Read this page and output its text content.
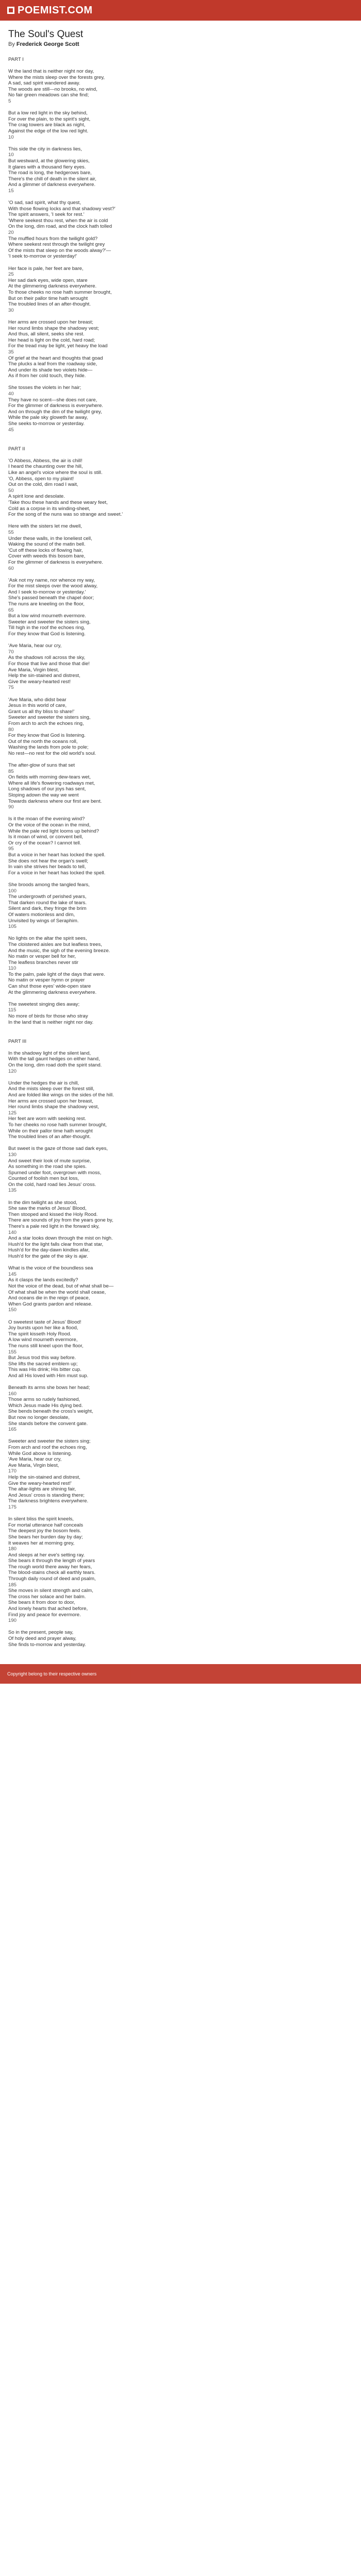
POEMIST.COM
The Soul's Quest
By Frederick George Scott
PART I
W the land that is neither night nor day,
Where the mists sleep over the forests grey,
A sad, sad spirit wandered away.
The woods are still—no brooks, no wind,
No fair green meadows can she find;
5
But a low red light in the sky behind,
For over the plain, to the spirit's sight,
The crag towers are black as night,
Against the edge of the low red light.
10
This side the city in darkness lies,
10
But westward, at the glowering skies,
It glares with a thousand fiery eyes.
The road is long, the hedgerows bare,
There's the chill of death in the silent air,
And a glimmer of darkness everywhere.
15
'O sad, sad spirit, what thy quest,
With those flowing locks and that shadowy vest?'
The spirit answers, 'I seek for rest.'
'Where seekest thou rest, when the air is cold
On the long, dim road, and the clock hath tolled
20
The muffled hours from the twilight gold?
Where seekest rest through the twilight grey
Of the mists that sleep on the woods alway?'—
'I seek to-morrow or yesterday!'
Her face is pale, her feet are bare,
25
Her sad dark eyes, wide open, stare
At the glimmering darkness everywhere.
To those cheeks no rose hath summer brought,
But on their pallor time hath wrought
The troubled lines of an after-thought.
30
Her arms are crossed upon her breast;
Her round limbs shape the shadowy vest;
And thus, all silent, seeks she rest.
Her head is light on the cold, hard road;
For the tread may be light, yet heavy the load
35
Of grief at the heart and thoughts that goad
The plucks a leaf from the roadway side,
And under its shade two violets hide—
As if from her cold touch, they hide.
She tosses the violets in her hair;
40
They have no scent—she does not care,
For the glimmer of darkness is everywhere.
And on through the dim of the twilight grey,
While the pale sky gloweth far away,
She seeks to-morrow or yesterday.
45
PART II
'O Abbess, Abbess, the air is chill!
I heard the chaunting over the hill,
Like an angel's voice where the soul is still.
'O, Abbess, open to my plaint!
Out on the cold, dim road I wait,
50
A spirit lone and desolate.
'Take thou these hands and these weary feet,
Cold as a corpse in its winding-sheet,
For the song of the nuns was so strange and sweet.'
Here with the sisters let me dwell,
55
Under these walls, in the loneliest cell,
Waking the sound of the matin bell.
'Cut off these locks of flowing hair,
Cover with weeds this bosom bare,
For the glimmer of darkness is everywhere.
60
'Ask not my name, nor whence my way,
For the mist sleeps over the wood alway,
And I seek to-morrow or yesterday.'
She's passed beneath the chapel door;
The nuns are kneeling on the floor,
65
But a low wind mourneth evermore.
Sweeter and sweeter the sisters sing,
Till high in the roof the echoes ring,
For they know that God is listening.
'Ave Maria, hear our cry,
70
As the shadows roll across the sky,
For those that live and those that die!
Ave Maria, Virgin blest,
Help the sin-stained and distrest,
Give the weary-hearted rest!
75
'Ave Maria, who didst bear
Jesus in this world of care,
Grant us all thy bliss to share!'
Sweeter and sweeter the sisters sing,
From arch to arch the echoes ring,
80
For they know that God is listening.
Out of the north the oceans roll,
Washing the lands from pole to pole;
No rest—no rest for the old world's soul.
The after-glow of suns that set
85
On fields with morning dew-tears wet,
Where all life's flowering roadways met,
Long shadows of our joys has sent,
Sloping adown the way we went
Towards darkness where our first are bent.
90
Is it the moan of the evening wind?
Or the voice of the ocean in the mind,
While the pale red light looms up behind?
Is it moan of wind, or convent bell,
Or cry of the ocean? I cannot tell.
95
But a voice in her heart has locked the spell.
She does not hear the organ's swell;
In vain she strives her beads to tell,
For a voice in her heart has locked the spell.
She broods among the tangled fears,
100
The undergrowth of perished years,
That darken round the lake of tears.
Silent and dark, they fringe the brim
Of waters motionless and dim,
Unvisited by wings of Seraphim.
105
No lights on the altar the spirit sees,
The cloistered aisles are but leafless trees,
And the music, the sigh of the evening breeze.
No matin or vesper bell for her,
The leafless branches never stir
110
To the palm, pale light of the days that were.
No matin or vesper hymn or prayer
Can shut those eyes' wide-open stare
At the glimmering darkness everywhere.
The sweetest singing dies away;
115
No more of birds for those who stray
In the land that is neither night nor day.
PART III
In the shadowy light of the silent land,
With the tall gaunt hedges on either hand,
On the long, dim road doth the spirit stand.
120
Under the hedges the air is chill,
And the mists sleep over the forest still,
And are folded like wings on the sides of the hill.
Her arms are crossed upon her breast,
Her round limbs shape the shadowy vest,
125
Her feet are worn with seeking rest.
To her cheeks no rose hath summer brought,
While on their pallor time hath wrought
The troubled lines of an after-thought.
But sweet is the gaze of those sad dark eyes,
130
And sweet their look of mute surprise,
As something in the road she spies.
Spurned under foot, overgrown with moss,
Counted of foolish men but loss,
On the cold, hard road lies Jesus' cross.
135
In the dim twilight as she stood,
She saw the marks of Jesus' Blood,
Then stooped and kissed the Holy Rood.
There are sounds of joy from the years gone by,
There's a pale red light in the forward sky,
140
And a star looks down through the mist on high.
Hush'd for the light falls clear from that star,
Hush'd for the day-dawn kindles afar,
Hush'd for the gate of the sky is ajar.
What is the voice of the boundless sea
145
As it clasps the lands excitedly?
Not the voice of the dead, but of what shall be—
Of what shall be when the world shall cease,
And oceans die in the reign of peace,
When God grants pardon and release.
150
O sweetest taste of Jesus' Blood!
Joy bursts upon her like a flood,
The spirit kisseth Holy Rood.
A low wind mourneth evermore,
The nuns still kneel upon the floor,
155
But Jesus trod this way before.
She lifts the sacred emblem up;
This was His drink; His bitter cup.
And all His loved with Him must sup.
Beneath its arms she bows her head;
160
Those arms so rudely fashioned,
Which Jesus made His dying bed.
She bends beneath the cross's weight,
But now no longer desolate,
She stands before the convent gate.
165
Sweeter and sweeter the sisters sing;
From arch and roof the echoes ring,
While God above is listening.
'Ave Maria, hear our cry,
Ave Maria, Virgin blest,
170
Help the sin-stained and distrest,
Give the weary-hearted rest!'
The altar-lights are shining fair,
And Jesus' cross is standing there;
The darkness brightens everywhere.
175
In silent bliss the spirit kneels,
For mortal utterance half conceals
The deepest joy the bosom feels.
She bears her burden day by day;
It weaves her at morning grey,
180
And sleeps at her eve's setting ray.
She bears it through the length of years
The rough world there away her fears,
The blood-stains check all earthly tears.
Through daily round of deed and psalm,
185
She moves in silent strength and calm,
The cross her solace and her balm.
She bears it from door to door,
And lonely hearts that ached before,
Find joy and peace for evermore.
190
So in the present, people say,
Of holy deed and prayer alway,
She finds to-morrow and yesterday.
Copyright belong to their respective owners
